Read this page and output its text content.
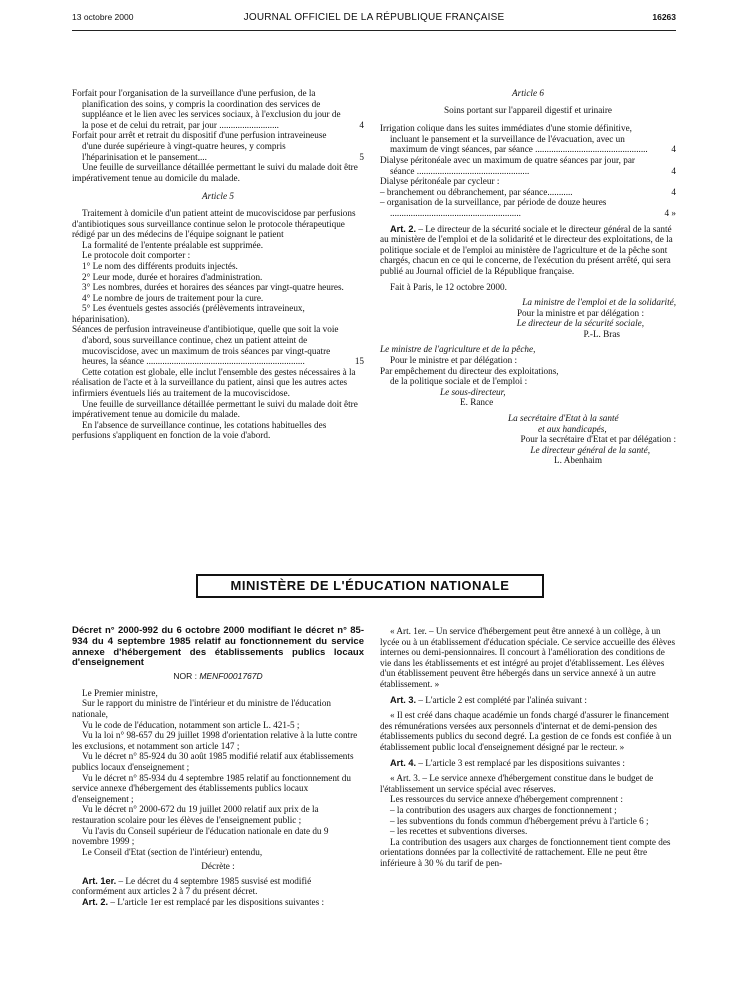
13 octobre 2000	JOURNAL OFFICIEL DE LA RÉPUBLIQUE FRANÇAISE	16263
Forfait pour l'organisation de la surveillance d'une perfusion, de la planification des soins, y compris la coordination des services de suppléance et le lien avec les services sociaux, à l'exclusion du jour de la pose et de celui du retrait, par jour ..........................	4
Forfait pour arrêt et retrait du dispositif d'une perfusion intraveineuse d'une durée supérieure à vingt-quatre heures, y compris l'héparinisation et le pansement....	5

Une feuille de surveillance détaillée permettant le suivi du malade doit être impérativement tenue au domicile du malade.

Article 5

Traitement à domicile d'un patient atteint de mucoviscidose par perfusions d'antibiotiques sous surveillance continue selon le protocole thérapeutique rédigé par un des médecins de l'équipe soignant le patient

La formalité de l'entente préalable est supprimée.

Le protocole doit comporter :

1° Le nom des différents produits injectés.

2° Leur mode, durée et horaires d'administration.

3° Les nombres, durées et horaires des séances par vingt-quatre heures.

4° Le nombre de jours de traitement pour la cure.

5° Les éventuels gestes associés (prélèvements intraveineux, héparinisation).

Séances de perfusion intraveineuse d'antibiotique, quelle que soit la voie d'abord, sous surveillance continue, chez un patient atteint de mucoviscidose, avec un maximum de trois séances par vingt-quatre heures, la séance .....................................................................	15

Cette cotation est globale, elle inclut l'ensemble des gestes nécessaires à la réalisation de l'acte et à la surveillance du patient, ainsi que les autres actes infirmiers éventuels liés au traitement de la mucoviscidose.

Une feuille de surveillance détaillée permettant le suivi du malade doit être impérativement tenue au domicile du malade.

En l'absence de surveillance continue, les cotations habituelles des perfusions s'appliquent en fonction de la voie d'abord.

Article 6

Soins portant sur l'appareil digestif et urinaire

Irrigation colique dans les suites immédiates d'une stomie définitive, incluant le pansement et la surveillance de l'évacuation, avec un maximum de vingt séances, par séance .................................................	4
Dialyse péritonéale avec un maximum de quatre séances par jour, par séance .................................................	4

Dialyse péritonéale par cycleur :

– branchement ou débranchement, par séance...........	4
– organisation de la surveillance, par période de douze heures .........................................................	4 »

Art. 2. – Le directeur de la sécurité sociale et le directeur général de la santé au ministère de l'emploi et de la solidarité et le directeur des exploitations, de la politique sociale et de l'emploi au ministère de l'agriculture et de la pêche sont chargés, chacun en ce qui le concerne, de l'exécution du présent arrêté, qui sera publié au Journal officiel de la République française.

Fait à Paris, le 12 octobre 2000.

La ministre de l'emploi et de la solidarité,

Pour la ministre et par délégation :

Le directeur de la sécurité sociale,

P.-L. Bras

Le ministre de l'agriculture et de la pêche,

Pour le ministre et par délégation :

Par empêchement du directeur des exploitations,

de la politique sociale et de l'emploi :

Le sous-directeur,

E. Rance

La secrétaire d'Etat à la santé

et aux handicapés,

Pour la secrétaire d'Etat et par délégation :

Le directeur général de la santé,

L. Abenhaim

MINISTÈRE DE L'ÉDUCATION NATIONALE

Décret n° 2000-992 du 6 octobre 2000 modifiant le décret n° 85-934 du 4 septembre 1985 relatif au fonctionnement du service annexe d'hébergement des établissements publics locaux d'enseignement

NOR : MENF0001767D

Le Premier ministre,

Sur le rapport du ministre de l'intérieur et du ministre de l'éducation nationale,

Vu le code de l'éducation, notamment son article L. 421-5 ;

Vu la loi n° 98-657 du 29 juillet 1998 d'orientation relative à la lutte contre les exclusions, et notamment son article 147 ;

Vu le décret n° 85-924 du 30 août 1985 modifié relatif aux établissements publics locaux d'enseignement ;

Vu le décret n° 85-934 du 4 septembre 1985 relatif au fonctionnement du service annexe d'hébergement des établissements publics locaux d'enseignement ;

Vu le décret n° 2000-672 du 19 juillet 2000 relatif aux prix de la restauration scolaire pour les élèves de l'enseignement public ;

Vu l'avis du Conseil supérieur de l'éducation nationale en date du 9 novembre 1999 ;

Le Conseil d'Etat (section de l'intérieur) entendu,

Décrète :

Art. 1er. – Le décret du 4 septembre 1985 susvisé est modifié conformément aux articles 2 à 7 du présent décret.

Art. 2. – L'article 1er est remplacé par les dispositions suivantes :

« Art. 1er. – Un service d'hébergement peut être annexé à un collège, à un lycée ou à un établissement d'éducation spéciale. Ce service accueille des élèves internes ou demi-pensionnaires. Il concourt à l'amélioration des conditions de vie dans les établissements et est intégré au projet d'établissement. Les élèves d'un établissement peuvent être hébergés dans un service annexé à un autre établissement. »

Art. 3. – L'article 2 est complété par l'alinéa suivant :

« Il est créé dans chaque académie un fonds chargé d'assurer le financement des rémunérations versées aux personnels d'internat et de demi-pension des établissements publics du second degré. La gestion de ce fonds est confiée à un établissement public local d'enseignement désigné par le recteur. »

Art. 4. – L'article 3 est remplacé par les dispositions suivantes :

« Art. 3. – Le service annexe d'hébergement constitue dans le budget de l'établissement un service spécial avec réserves.

Les ressources du service annexe d'hébergement comprennent :

– la contribution des usagers aux charges de fonctionnement ;

– les subventions du fonds commun d'hébergement prévu à l'article 6 ;

– les recettes et subventions diverses.

La contribution des usagers aux charges de fonctionnement tient compte des orientations données par la collectivité de rattachement. Elle ne peut être inférieure à 30 % du tarif de pen-
